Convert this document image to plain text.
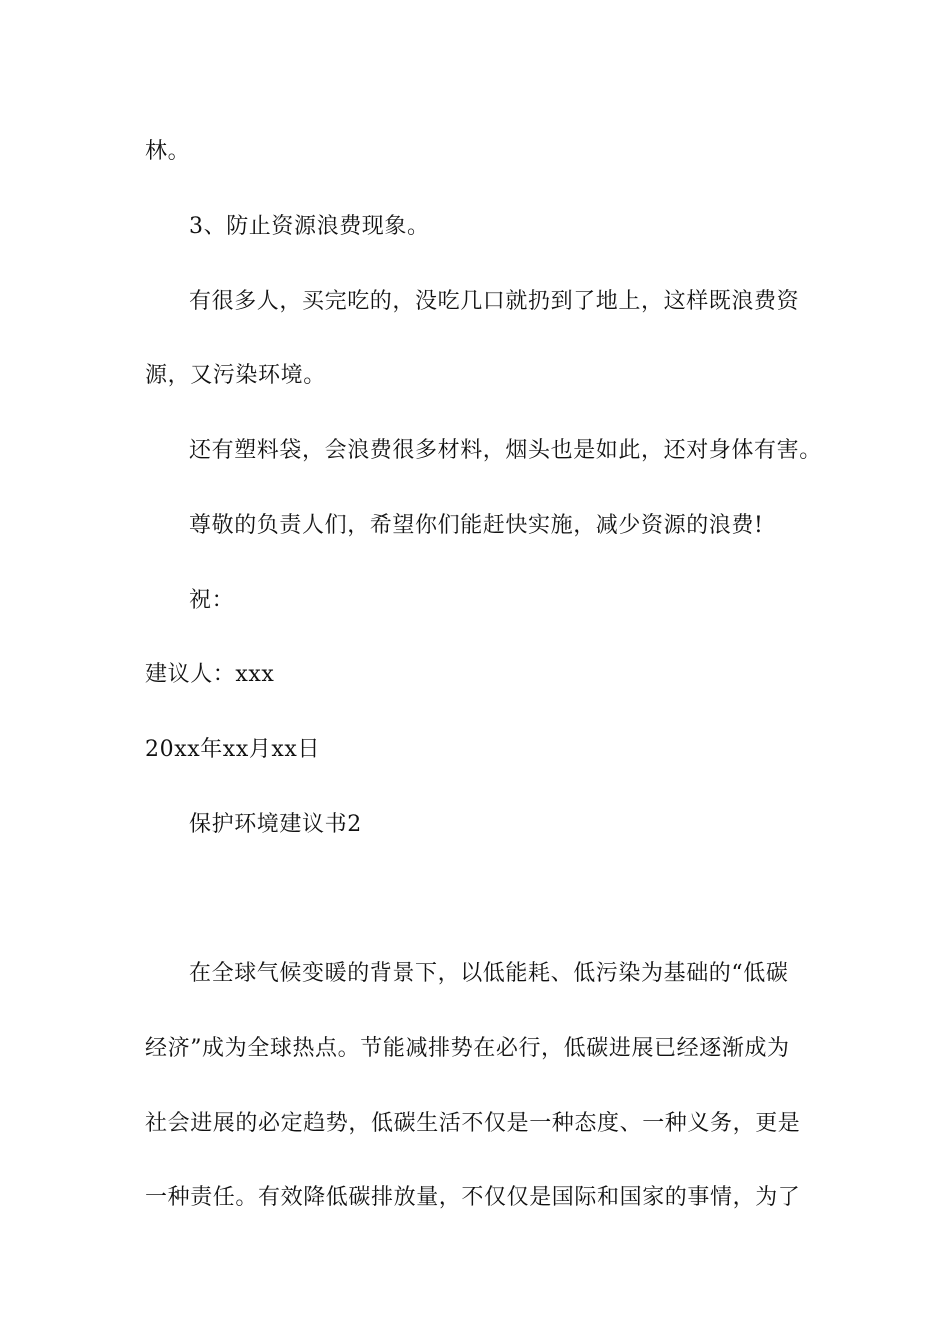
林。
3、防止资源浪费现象。
有很多人，买完吃的，没吃几口就扔到了地上，这样既浪费资
源，又污染环境。
还有塑料袋，会浪费很多材料，烟头也是如此，还对身体有害。
尊敬的负责人们，希望你们能赶快实施，减少资源的浪费!
祝：
建议人：xxx
20xx年xx月xx日
保护环境建议书2
在全球气候变暖的背景下，以低能耗、低污染为基础的“低碳
经济”成为全球热点。节能减排势在必行，低碳进展已经逐渐成为
社会进展的必定趋势，低碳生活不仅是一种态度、一种义务，更是
一种责任。有效降低碳排放量，不仅仅是国际和国家的事情，为了
